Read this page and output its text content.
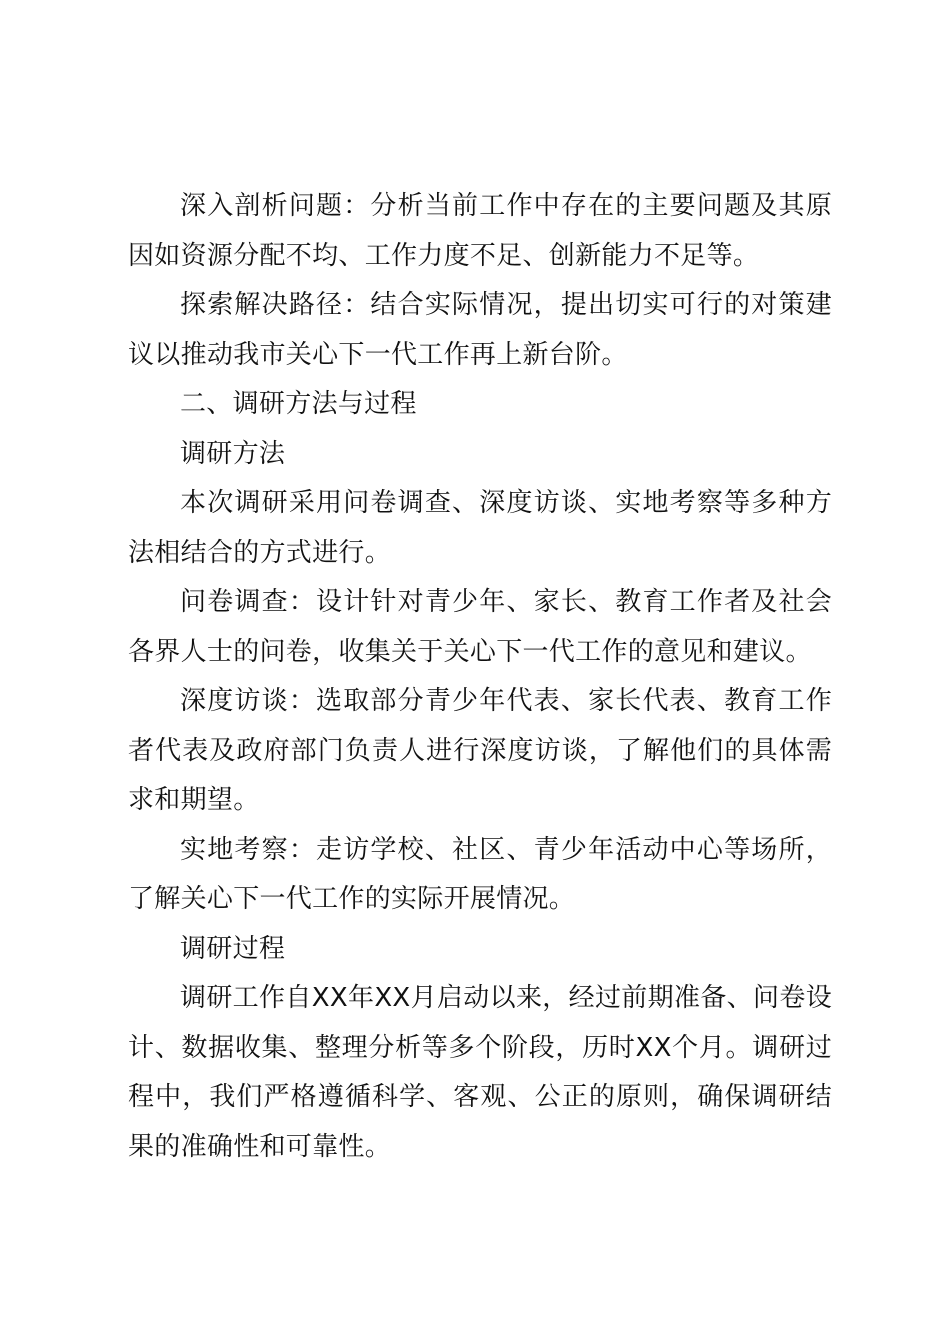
深入剖析问题：分析当前工作中存在的主要问题及其原因如资源分配不均、工作力度不足、创新能力不足等。

探索解决路径：结合实际情况，提出切实可行的对策建议以推动我市关心下一代工作再上新台阶。

二、调研方法与过程

调研方法

本次调研采用问卷调查、深度访谈、实地考察等多种方法相结合的方式进行。

问卷调查：设计针对青少年、家长、教育工作者及社会各界人士的问卷，收集关于关心下一代工作的意见和建议。

深度访谈：选取部分青少年代表、家长代表、教育工作者代表及政府部门负责人进行深度访谈，了解他们的具体需求和期望。

实地考察：走访学校、社区、青少年活动中心等场所，了解关心下一代工作的实际开展情况。

调研过程

调研工作自XX年XX月启动以来，经过前期准备、问卷设计、数据收集、整理分析等多个阶段，历时XX个月。调研过程中，我们严格遵循科学、客观、公正的原则，确保调研结果的准确性和可靠性。
